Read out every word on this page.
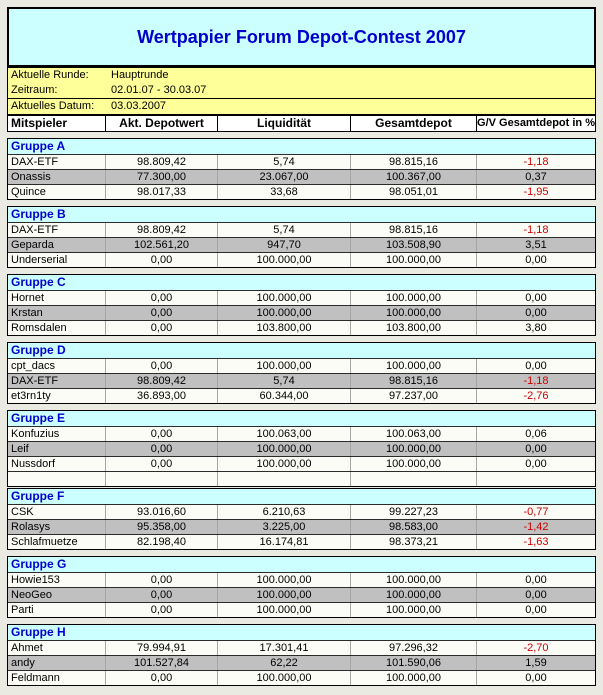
Wertpapier Forum Depot-Contest 2007
Aktuelle Runde:	Hauptrunde
Zeitraum:	02.01.07 - 30.03.07
Aktuelles Datum:	03.03.2007
Mitspieler	Akt. Depotwert	Liquidität	Gesamtdepot	G/V Gesamtdepot in %
Gruppe A
DAX-ETF	98.809,42	5,74	98.815,16	-1,18
Onassis	77.300,00	23.067,00	100.367,00	0,37
Quince	98.017,33	33,68	98.051,01	-1,95
Gruppe B
DAX-ETF	98.809,42	5,74	98.815,16	-1,18
Geparda	102.561,20	947,70	103.508,90	3,51
Underserial	0,00	100.000,00	100.000,00	0,00
Gruppe C
Hornet	0,00	100.000,00	100.000,00	0,00
Krstan	0,00	100.000,00	100.000,00	0,00
Romsdalen	0,00	103.800,00	103.800,00	3,80
Gruppe D
cpt_dacs	0,00	100.000,00	100.000,00	0,00
DAX-ETF	98.809,42	5,74	98.815,16	-1,18
et3rn1ty	36.893,00	60.344,00	97.237,00	-2,76
Gruppe E
Konfuzius	0,00	100.063,00	100.063,00	0,06
Leif	0,00	100.000,00	100.000,00	0,00
Nussdorf	0,00	100.000,00	100.000,00	0,00
Gruppe F
CSK	93.016,60	6.210,63	99.227,23	-0,77
Rolasys	95.358,00	3.225,00	98.583,00	-1,42
Schlafmuetze	82.198,40	16.174,81	98.373,21	-1,63
Gruppe G
Howie153	0,00	100.000,00	100.000,00	0,00
NeoGeo	0,00	100.000,00	100.000,00	0,00
Parti	0,00	100.000,00	100.000,00	0,00
Gruppe H
Ahmet	79.994,91	17.301,41	97.296,32	-2,70
andy	101.527,84	62,22	101.590,06	1,59
Feldmann	0,00	100.000,00	100.000,00	0,00
